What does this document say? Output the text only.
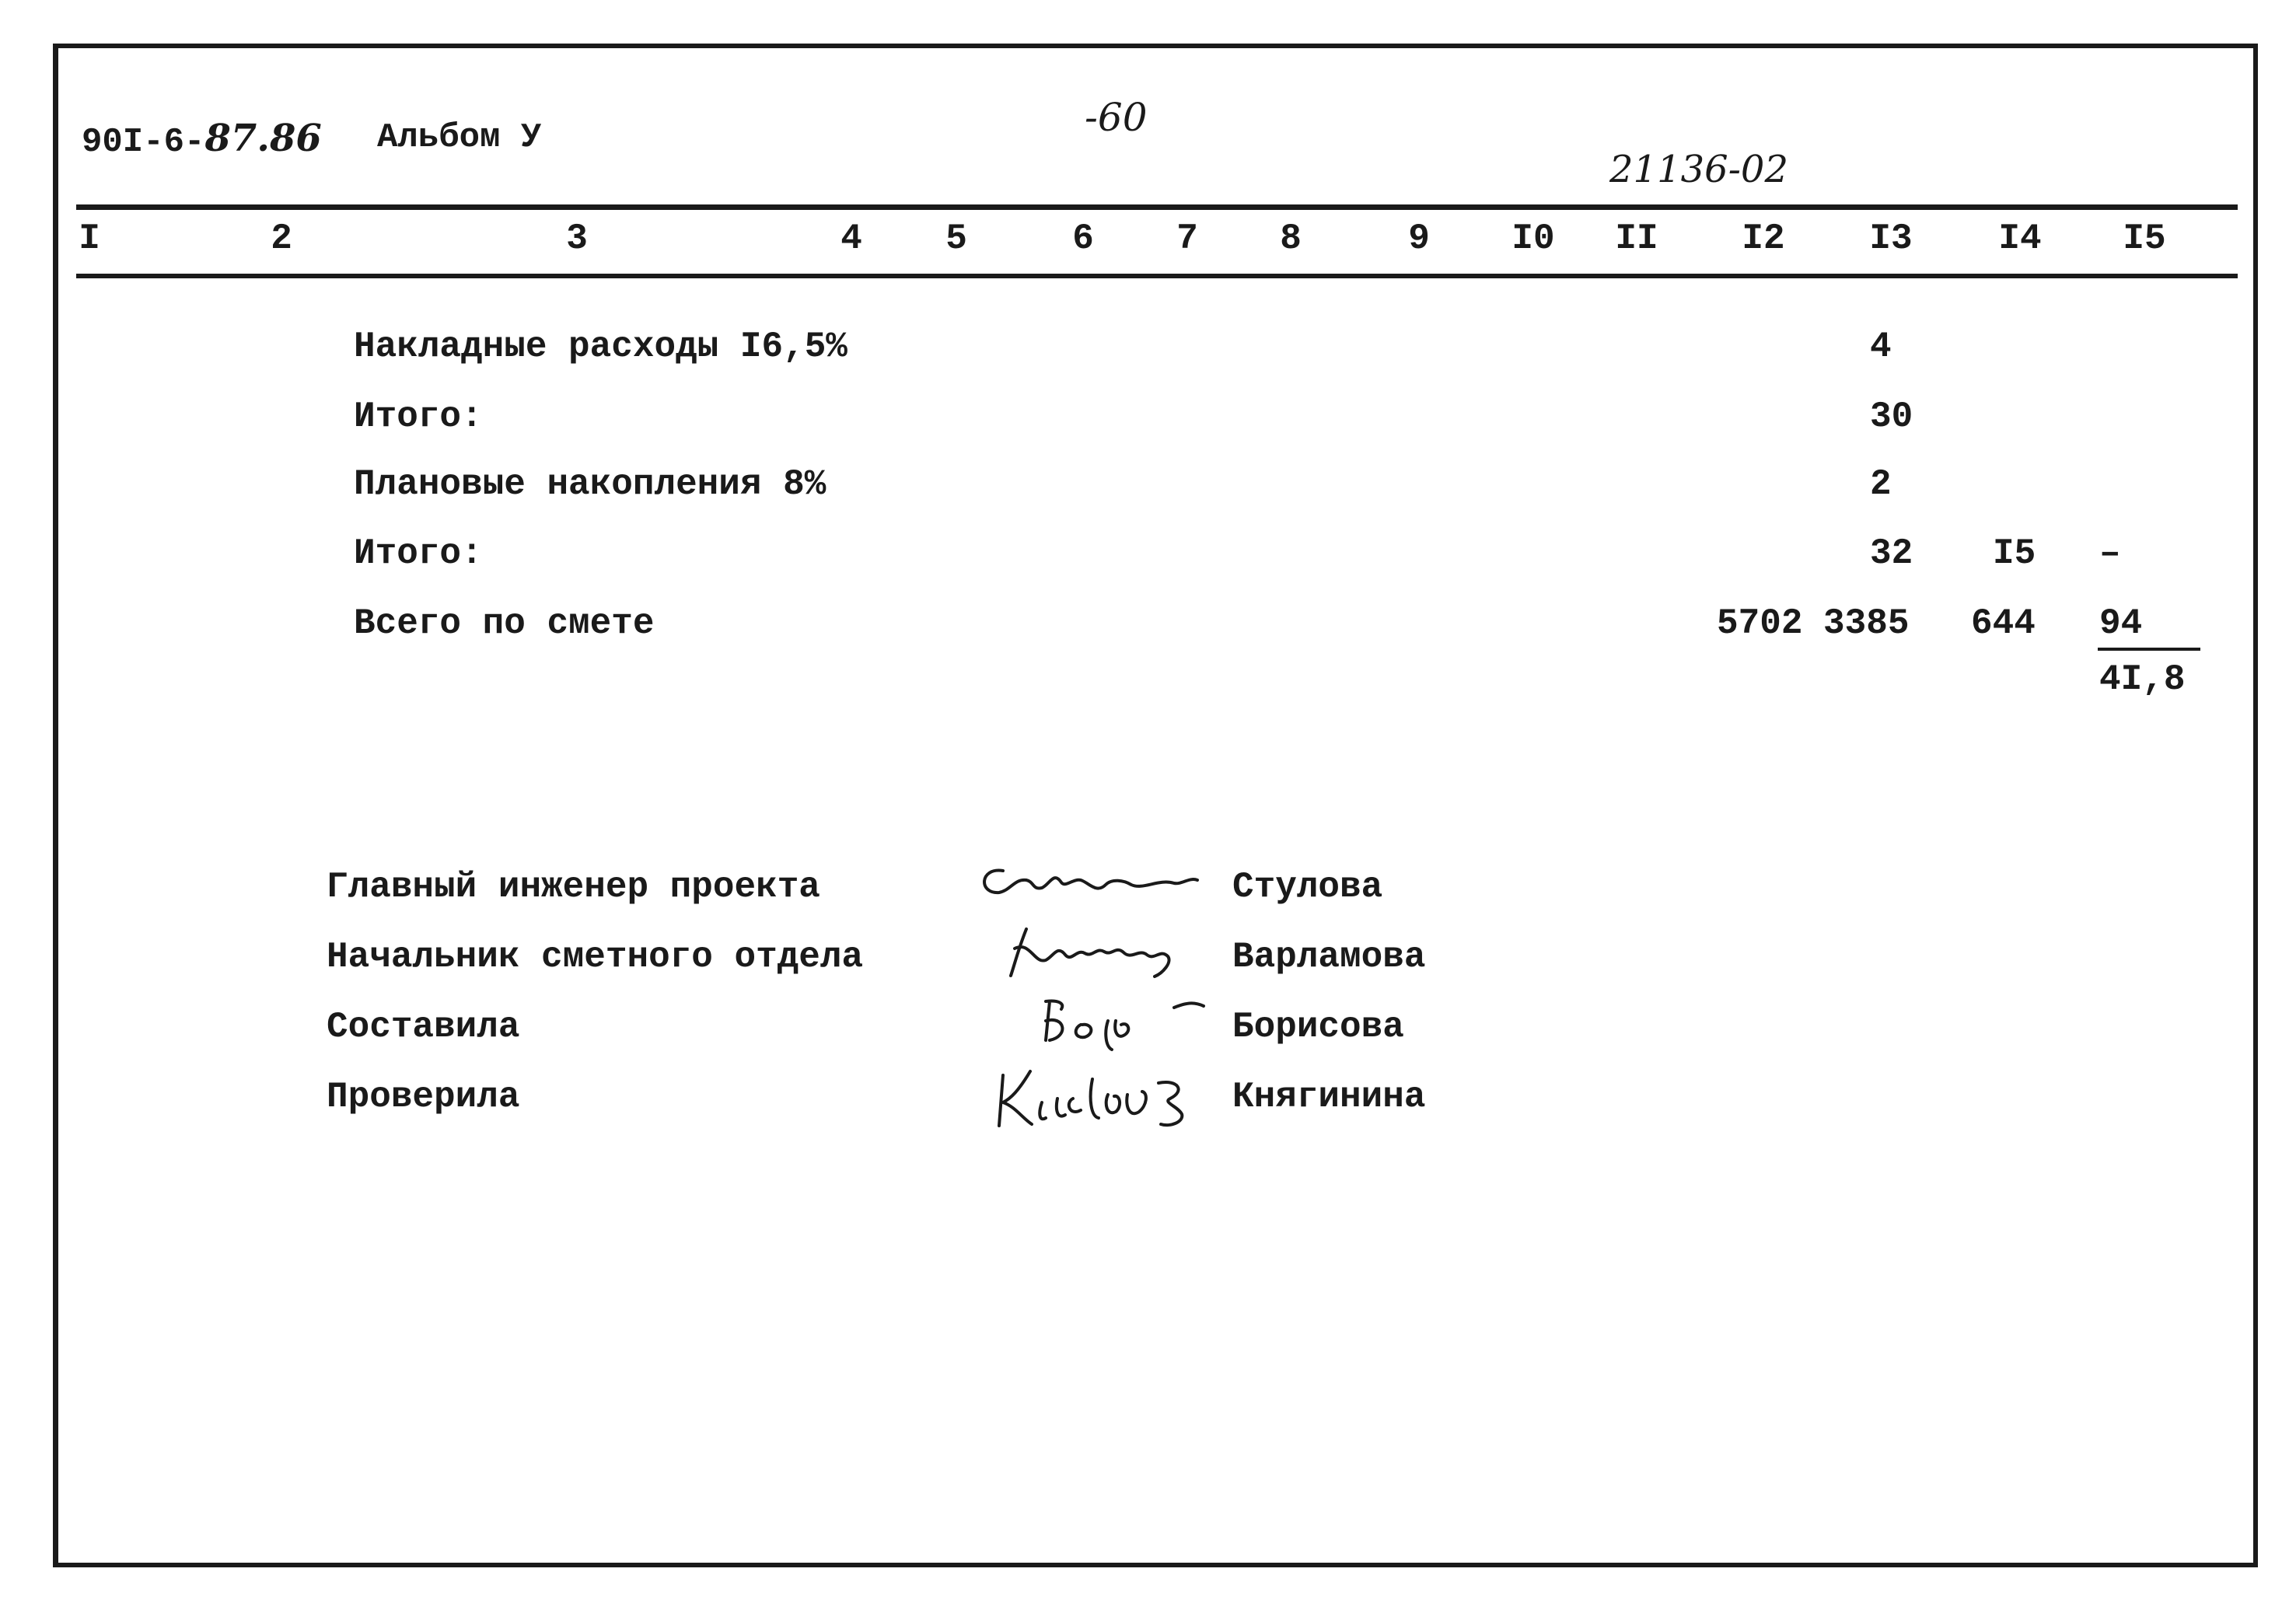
90I-6-87.86 Альбом У	-60
21136-02
I	2	3	4 5	6 7 8	9 I0 II I2 I3 I4 I5
Накладные расходы I6,5%	4
Итого:	30
Плановые накопления 8%	2
Итого:	32 I5 –
Всего по смете	5702 3385 644 94
4I,8
Главный инженер проекта	Стулова
Начальник сметного отдела	Варламова
Составила	Борисова
Проверила	Княгинина
